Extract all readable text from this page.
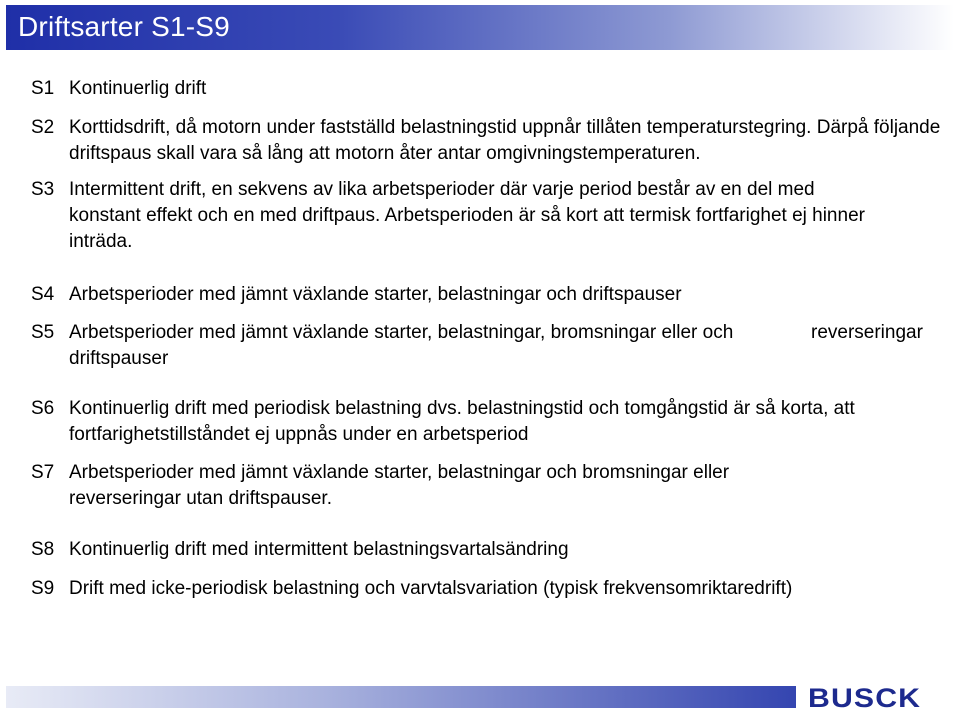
Driftsarter S1-S9
S1 Kontinuerlig drift
S2 Korttidsdrift, då motorn under fastställd belastningstid uppnår tillåten temperaturstegring. Därpå följande driftspaus skall vara så lång att motorn åter antar omgivningstemperaturen.
S3 Intermittent drift, en sekvens av lika arbetsperioder där varje period består av en del med konstant effekt och en med driftpaus. Arbetsperioden är så kort att termisk fortfarighet ej hinner inträda.
S4 Arbetsperioder med jämnt växlande starter, belastningar och driftspauser
S5 Arbetsperioder med jämnt växlande starter, belastningar, bromsningar eller och driftspauser
reverseringar
S6 Kontinuerlig drift med periodisk belastning dvs. belastningstid och tomgångstid är så korta, att fortfarighetstillståndet ej uppnås under en arbetsperiod
S7 Arbetsperioder med jämnt växlande starter, belastningar och bromsningar eller reverseringar utan driftspauser.
S8 Kontinuerlig drift med intermittent belastningsvartalsändring
S9 Drift med icke-periodisk belastning och varvtalsvariation (typisk frekvensomriktaredrift)
BUSCK
